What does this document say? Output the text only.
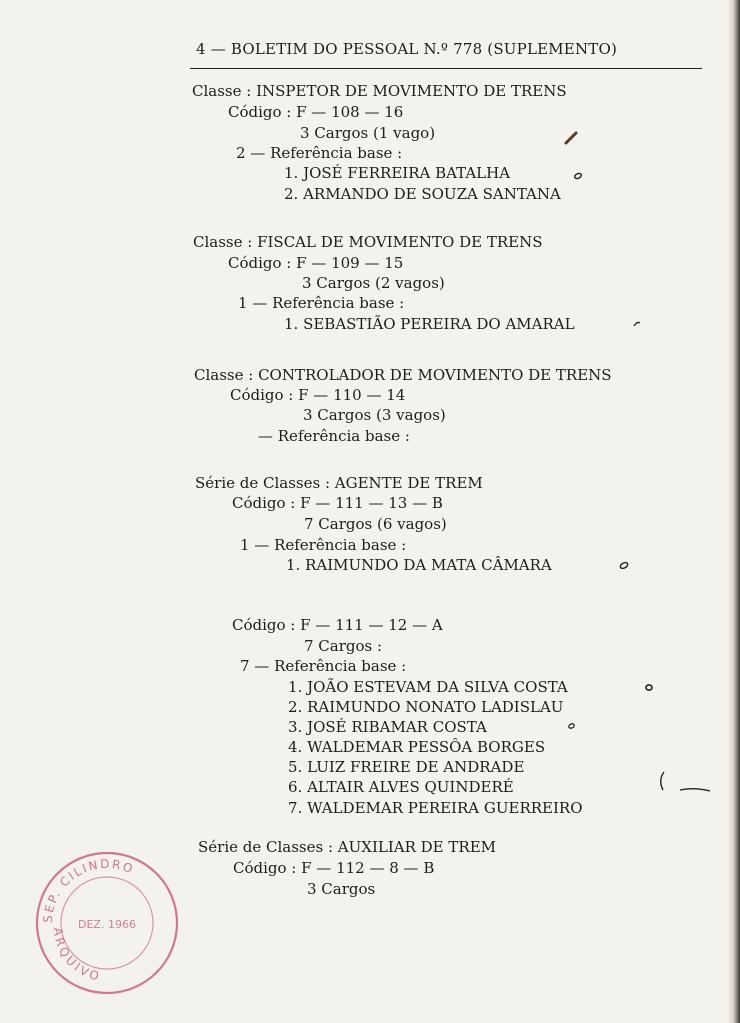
4 — BOLETIM DO PESSOAL N.º 778 (SUPLEMENTO)
Classe : INSPETOR DE MOVIMENTO DE TRENS
Código : F — 108 — 16
3 Cargos (1 vago)
2 — Referência base :
1. JOSÉ FERREIRA BATALHA
2. ARMANDO DE SOUZA SANTANA
Classe : FISCAL DE MOVIMENTO DE TRENS
Código : F — 109 — 15
3 Cargos (2 vagos)
1 — Referência base :
1. SEBASTIÃO PEREIRA DO AMARAL
Classe : CONTROLADOR DE MOVIMENTO DE TRENS
Código : F — 110 — 14
3 Cargos (3 vagos)
— Referência base :
Série de Classes : AGENTE DE TREM
Código : F — 111 — 13 — B
7 Cargos (6 vagos)
1 — Referência base :
1. RAIMUNDO DA MATA CÂMARA
Código : F — 111 — 12 — A
7 Cargos :
7 — Referência base :
1. JOÃO ESTEVAM DA SILVA COSTA
2. RAIMUNDO NONATO LADISLAU
3. JOSÉ RIBAMAR COSTA
4. WALDEMAR PESSÔA BORGES
5. LUIZ FREIRE DE ANDRADE
6. ALTAIR ALVES QUINDERÉ
7. WALDEMAR PEREIRA GUERREIRO
Série de Classes : AUXILIAR DE TREM
Código : F — 112 — 8 — B
3 Cargos
SEP. CILINDRO
ARQUIVO
DEZ. 1966
